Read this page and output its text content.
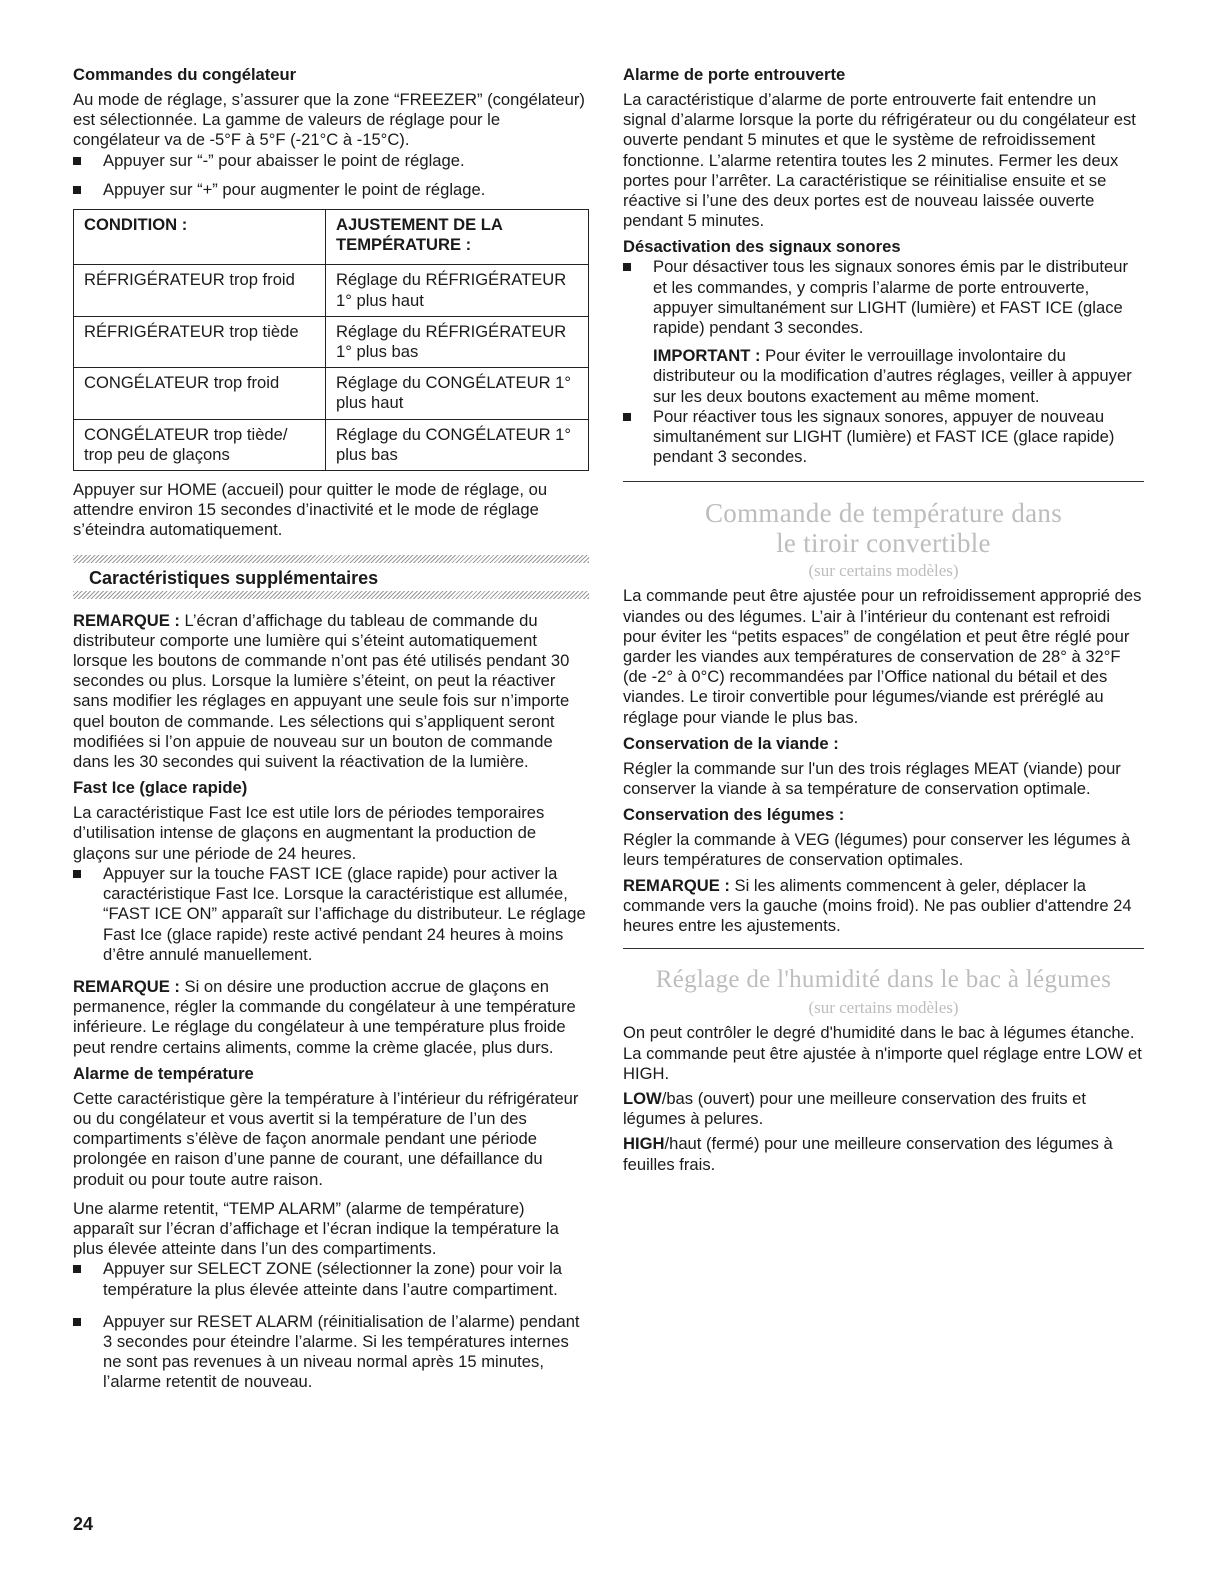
Commandes du congélateur

Au mode de réglage, s’assurer que la zone “FREEZER” (congélateur) est sélectionnée. La gamme de valeurs de réglage pour le congélateur va de -5°F à 5°F (-21°C à -15°C).

Appuyer sur “-” pour abaisser le point de réglage.
Appuyer sur “+” pour augmenter le point de réglage.
CONDITION :	AJUSTEMENT DE LA TEMPÉRATURE :
RÉFRIGÉRATEUR trop froid	Réglage du RÉFRIGÉRATEUR 1° plus haut
RÉFRIGÉRATEUR trop tiède	Réglage du RÉFRIGÉRATEUR 1° plus bas
CONGÉLATEUR trop froid	Réglage du CONGÉLATEUR 1° plus haut
CONGÉLATEUR trop tiède/ trop peu de glaçons	Réglage du CONGÉLATEUR 1° plus bas

Appuyer sur HOME (accueil) pour quitter le mode de réglage, ou attendre environ 15 secondes d’inactivité et le mode de réglage s’éteindra automatiquement.

Caractéristiques supplémentaires

REMARQUE : L’écran d’affichage du tableau de commande du distributeur comporte une lumière qui s’éteint automatiquement lorsque les boutons de commande n’ont pas été utilisés pendant 30 secondes ou plus. Lorsque la lumière s’éteint, on peut la réactiver sans modifier les réglages en appuyant une seule fois sur n’importe quel bouton de commande. Les sélections qui s’appliquent seront modifiées si l’on appuie de nouveau sur un bouton de commande dans les 30 secondes qui suivent la réactivation de la lumière.

Fast Ice (glace rapide)

La caractéristique Fast Ice est utile lors de périodes temporaires d’utilisation intense de glaçons en augmentant la production de glaçons sur une période de 24 heures.

Appuyer sur la touche FAST ICE (glace rapide) pour activer la caractéristique Fast Ice. Lorsque la caractéristique est allumée, “FAST ICE ON” apparaît sur l’affichage du distributeur. Le réglage Fast Ice (glace rapide) reste activé pendant 24 heures à moins d’être annulé manuellement.

REMARQUE : Si on désire une production accrue de glaçons en permanence, régler la commande du congélateur à une température inférieure. Le réglage du congélateur à une température plus froide peut rendre certains aliments, comme la crème glacée, plus durs.

Alarme de température

Cette caractéristique gère la température à l’intérieur du réfrigérateur ou du congélateur et vous avertit si la température de l’un des compartiments s’élève de façon anormale pendant une période prolongée en raison d’une panne de courant, une défaillance du produit ou pour toute autre raison.

Une alarme retentit, “TEMP ALARM” (alarme de température) apparaît sur l’écran d’affichage et l’écran indique la température la plus élevée atteinte dans l’un des compartiments.

Appuyer sur SELECT ZONE (sélectionner la zone) pour voir la température la plus élevée atteinte dans l’autre compartiment.
Appuyer sur RESET ALARM (réinitialisation de l’alarme) pendant 3 secondes pour éteindre l’alarme. Si les températures internes ne sont pas revenues à un niveau normal après 15 minutes, l’alarme retentit de nouveau.
Alarme de porte entrouverte

La caractéristique d’alarme de porte entrouverte fait entendre un signal d’alarme lorsque la porte du réfrigérateur ou du congélateur est ouverte pendant 5 minutes et que le système de refroidissement fonctionne. L’alarme retentira toutes les 2 minutes. Fermer les deux portes pour l’arrêter. La caractéristique se réinitialise ensuite et se réactive si l’une des deux portes est de nouveau laissée ouverte pendant 5 minutes.

Désactivation des signaux sonores
Pour désactiver tous les signaux sonores émis par le distributeur et les commandes, y compris l’alarme de porte entrouverte, appuyer simultanément sur LIGHT (lumière) et FAST ICE (glace rapide) pendant 3 secondes.

IMPORTANT : Pour éviter le verrouillage involontaire du distributeur ou la modification d’autres réglages, veiller à appuyer sur les deux boutons exactement au même moment.

Pour réactiver tous les signaux sonores, appuyer de nouveau simultanément sur LIGHT (lumière) et FAST ICE (glace rapide) pendant 3 secondes.
Commande de température dans
le tiroir convertible
(sur certains modèles)

La commande peut être ajustée pour un refroidissement approprié des viandes ou des légumes. L’air à l’intérieur du contenant est refroidi pour éviter les “petits espaces” de congélation et peut être réglé pour garder les viandes aux températures de conservation de 28° à 32°F (de -2° à 0°C) recommandées par l’Office national du bétail et des viandes. Le tiroir convertible pour légumes/viande est préréglé au réglage pour viande le plus bas.

Conservation de la viande :

Régler la commande sur l'un des trois réglages MEAT (viande) pour conserver la viande à sa température de conservation optimale.

Conservation des légumes :

Régler la commande à VEG (légumes) pour conserver les légumes à leurs températures de conservation optimales.

REMARQUE : Si les aliments commencent à geler, déplacer la commande vers la gauche (moins froid). Ne pas oublier d'attendre 24 heures entre les ajustements.

Réglage de l'humidité dans le bac à légumes
(sur certains modèles)

On peut contrôler le degré d'humidité dans le bac à légumes étanche. La commande peut être ajustée à n'importe quel réglage entre LOW et HIGH.

LOW/bas (ouvert) pour une meilleure conservation des fruits et légumes à pelures.

HIGH/haut (fermé) pour une meilleure conservation des légumes à feuilles frais.

24
